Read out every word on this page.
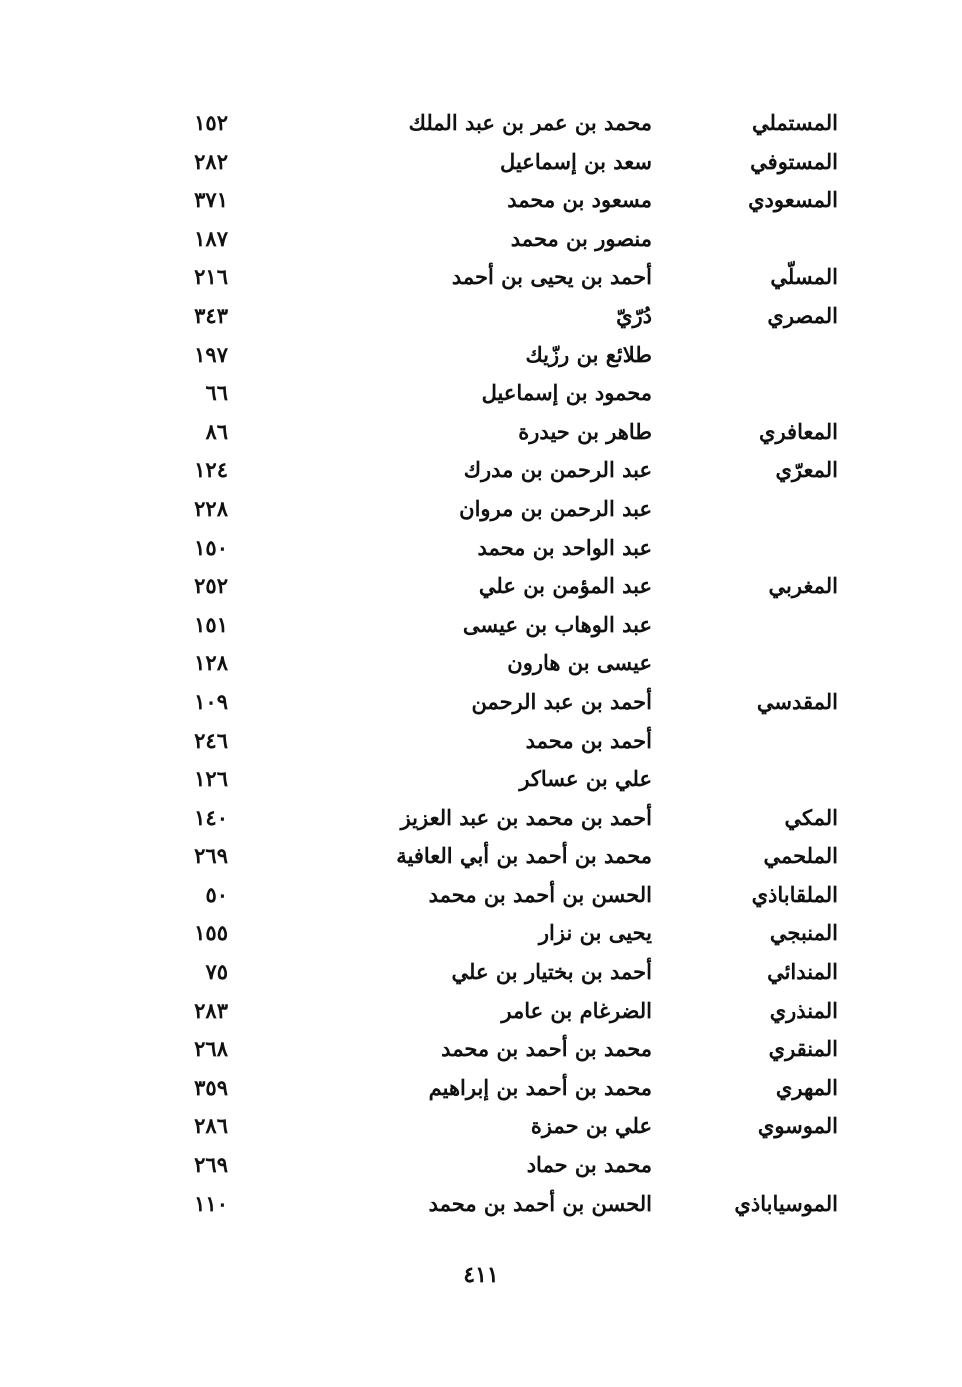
المستملي
محمد بن عمر بن عبد الملك
١٥٢
المستوفي
سعد بن إسماعيل
٢٨٢
المسعودي
مسعود بن محمد
٣٧١
منصور بن محمد
١٨٧
المسلّي
أحمد بن يحيى بن أحمد
٢١٦
المصري
دُرّيّ
٣٤٣
طلائع بن رزّيك
١٩٧
محمود بن إسماعيل
٦٦
المعافري
طاهر بن حيدرة
٨٦
المعرّي
عبد الرحمن بن مدرك
١٢٤
عبد الرحمن بن مروان
٢٢٨
عبد الواحد بن محمد
١٥٠
المغربي
عبد المؤمن بن علي
٢٥٢
عبد الوهاب بن عيسى
١٥١
عيسى بن هارون
١٢٨
المقدسي
أحمد بن عبد الرحمن
١٠٩
أحمد بن محمد
٢٤٦
علي بن عساكر
١٢٦
المكي
أحمد بن محمد بن عبد العزيز
١٤٠
الملحمي
محمد بن أحمد بن أبي العافية
٢٦٩
الملقاباذي
الحسن بن أحمد بن محمد
٥٠
المنبجي
يحيى بن نزار
١٥٥
المندائي
أحمد بن بختيار بن علي
٧٥
المنذري
الضرغام بن عامر
٢٨٣
المنقري
محمد بن أحمد بن محمد
٢٦٨
المهري
محمد بن أحمد بن إبراهيم
٣٥٩
الموسوي
علي بن حمزة
٢٨٦
محمد بن حماد
٢٦٩
الموسياباذي
الحسن بن أحمد بن محمد
١١٠
٤١١
